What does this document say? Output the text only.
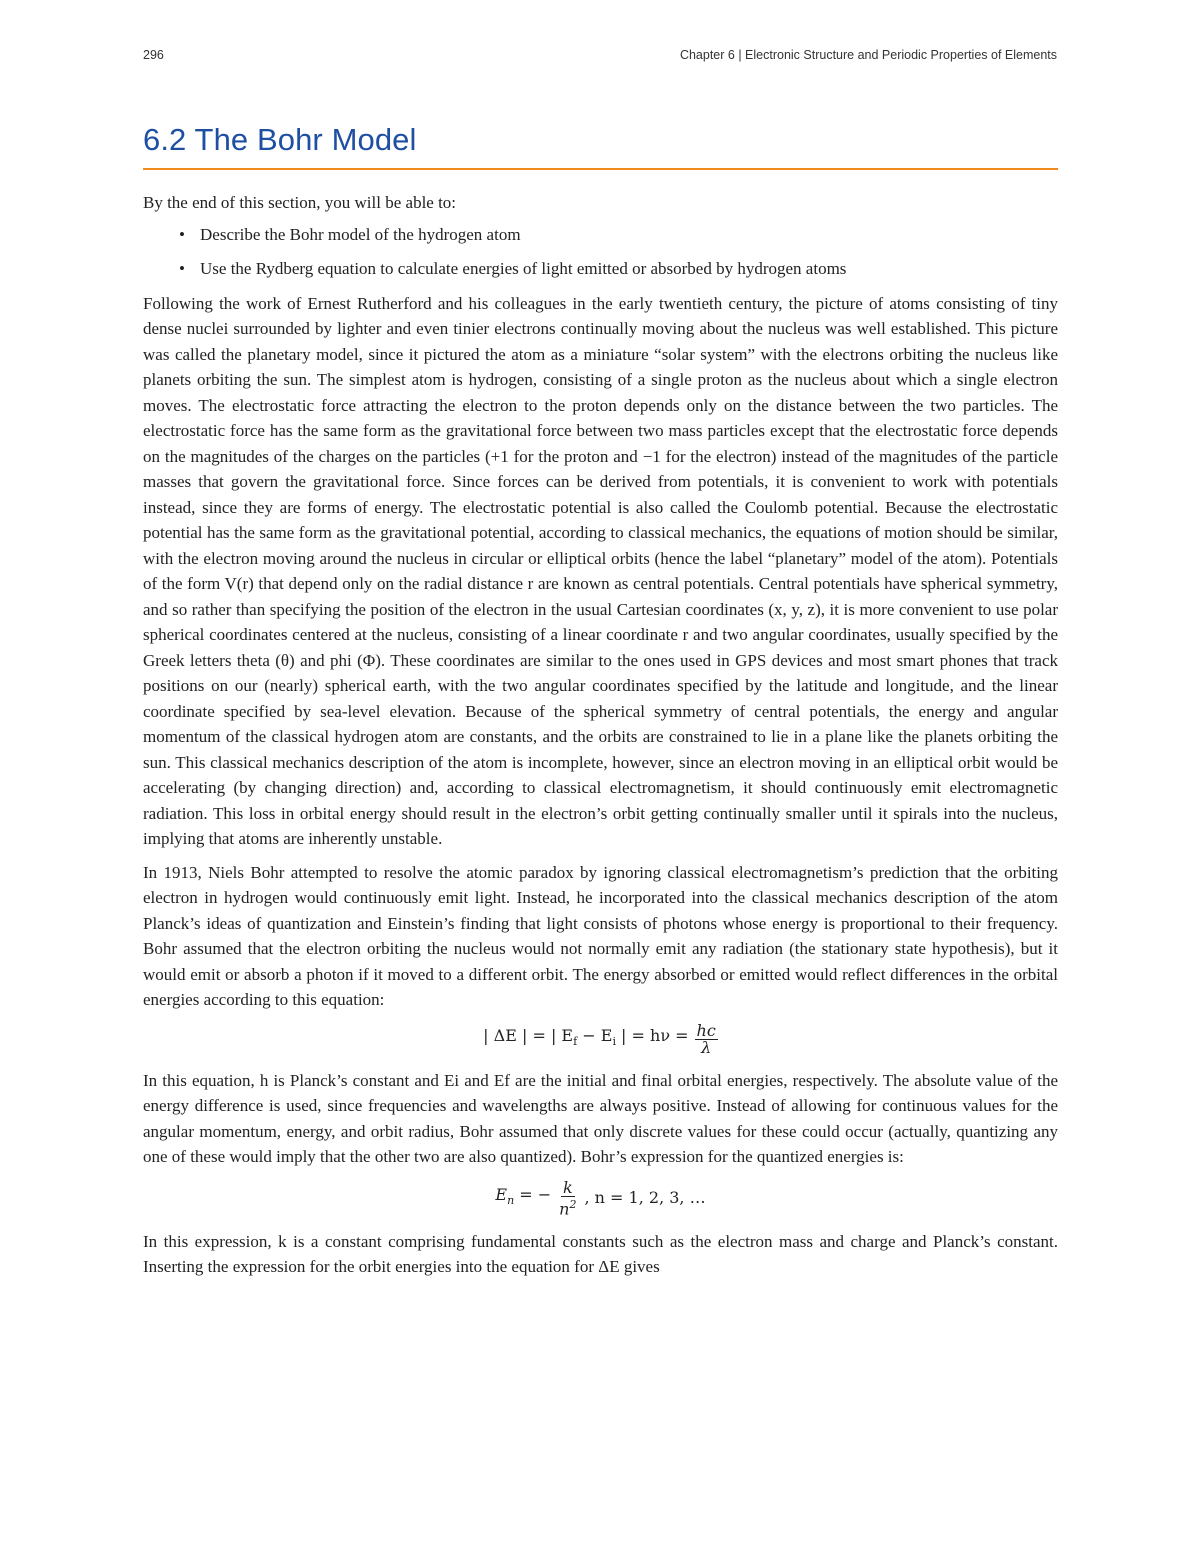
296	Chapter 6 | Electronic Structure and Periodic Properties of Elements
6.2 The Bohr Model

By the end of this section, you will be able to:

• Describe the Bohr model of the hydrogen atom
• Use the Rydberg equation to calculate energies of light emitted or absorbed by hydrogen atoms

Following the work of Ernest Rutherford and his colleagues in the early twentieth century, the picture of atoms consisting of tiny dense nuclei surrounded by lighter and even tinier electrons continually moving about the nucleus was well established. This picture was called the planetary model, since it pictured the atom as a miniature “solar system” with the electrons orbiting the nucleus like planets orbiting the sun. The simplest atom is hydrogen, consisting of a single proton as the nucleus about which a single electron moves. The electrostatic force attracting the electron to the proton depends only on the distance between the two particles. The electrostatic force has the same form as the gravitational force between two mass particles except that the electrostatic force depends on the magnitudes of the charges on the particles (+1 for the proton and −1 for the electron) instead of the magnitudes of the particle masses that govern the gravitational force. Since forces can be derived from potentials, it is convenient to work with potentials instead, since they are forms of energy. The electrostatic potential is also called the Coulomb potential. Because the electrostatic potential has the same form as the gravitational potential, according to classical mechanics, the equations of motion should be similar, with the electron moving around the nucleus in circular or elliptical orbits (hence the label “planetary” model of the atom). Potentials of the form V(r) that depend only on the radial distance r are known as central potentials. Central potentials have spherical symmetry, and so rather than specifying the position of the electron in the usual Cartesian coordinates (x, y, z), it is more convenient to use polar spherical coordinates centered at the nucleus, consisting of a linear coordinate r and two angular coordinates, usually specified by the Greek letters theta (θ) and phi (Φ). These coordinates are similar to the ones used in GPS devices and most smart phones that track positions on our (nearly) spherical earth, with the two angular coordinates specified by the latitude and longitude, and the linear coordinate specified by sea-level elevation. Because of the spherical symmetry of central potentials, the energy and angular momentum of the classical hydrogen atom are constants, and the orbits are constrained to lie in a plane like the planets orbiting the sun. This classical mechanics description of the atom is incomplete, however, since an electron moving in an elliptical orbit would be accelerating (by changing direction) and, according to classical electromagnetism, it should continuously emit electromagnetic radiation. This loss in orbital energy should result in the electron’s orbit getting continually smaller until it spirals into the nucleus, implying that atoms are inherently unstable.

In 1913, Niels Bohr attempted to resolve the atomic paradox by ignoring classical electromagnetism’s prediction that the orbiting electron in hydrogen would continuously emit light. Instead, he incorporated into the classical mechanics description of the atom Planck’s ideas of quantization and Einstein’s finding that light consists of photons whose energy is proportional to their frequency. Bohr assumed that the electron orbiting the nucleus would not normally emit any radiation (the stationary state hypothesis), but it would emit or absorb a photon if it moved to a different orbit. The energy absorbed or emitted would reflect differences in the orbital energies according to this equation:

| ΔE | = | $E_f - E_i$ | = $h\nu = \frac{hc}{\lambda}$

In this equation, h is Planck’s constant and Ei and Ef are the initial and final orbital energies, respectively. The absolute value of the energy difference is used, since frequencies and wavelengths are always positive. Instead of allowing for continuous values for the angular momentum, energy, and orbit radius, Bohr assumed that only discrete values for these could occur (actually, quantizing any one of these would imply that the other two are also quantized). Bohr’s expression for the quantized energies is:

$E_n$ = − $\frac{k}{n^2}$ , n = 1, 2, 3, …

In this expression, k is a constant comprising fundamental constants such as the electron mass and charge and Planck’s constant. Inserting the expression for the orbit energies into the equation for ΔE gives
